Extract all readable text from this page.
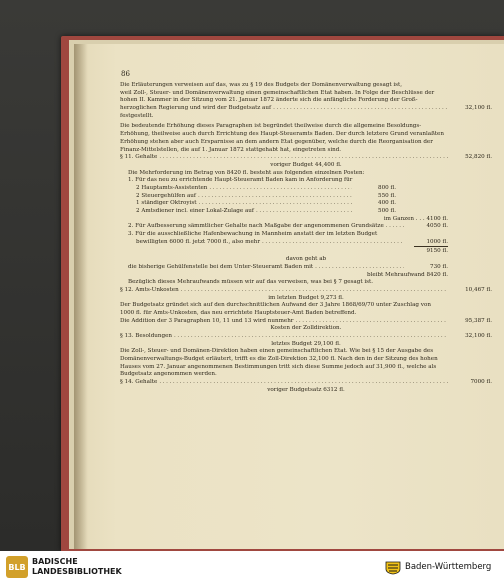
86
Die Erläuterungen verweisen auf das, was zu § 19 des Budgets der Domänenverwaltung gesagt ist,
weil Zoll-, Steuer- und Domänenverwaltung einen gemeinschaftlichen Etat haben. In Folge der Beschlüsse der
hohen II. Kammer in der Sitzung vom 21. Januar 1872 änderte sich die anfängliche Forderung der Groß-
herzoglichen Regierung und wird der Budgetsatz auf .....	32,100 fl.
festgestellt.
Die bedeutende Erhöhung dieses Paragraphen ist begründet theilweise durch die allgemeine Besoldungs-
Erhöhung, theilweise auch durch Errichtung des Haupt-Steueramts Baden. Der durch letztere Grund veranlaßten
Erhöhung stehen aber auch Ersparnisse an dem andern Etat gegenüber, welche durch die Reorganisation der
Finanz-Mittelstellen, die auf 1. Januar 1872 stattgehabt hat, eingetreten sind.
§ 11. Gehalte .....	52,820 fl.
voriger Budget 44,400 fl.
Die Mehrforderung im Betrag von 8420 fl. besteht aus folgenden einzelnen Posten:
1. Für das neu zu errichtende Haupt-Steueramt Baden kam in Anforderung für
2 Hauptamts-Assistenten .....	800 fl.
2 Steuergehülfen auf .....	550 fl.
1 ständiger Oktroyist .....	400 fl.
2 Amtsdiener incl. einer Lokal-Zulage auf .....	500 fl.
im Ganzen . . . 4100 fl.
2. Für Aufbesserung sämmtlicher Gehalte nach Maßgabe der angenommenen Grundsätze .....	4050 fl.
3. Für die ausschließliche Hafenbewachung in Mannheim anstatt der im letzten Budget
bewilligten 6000 fl. jetzt 7000 fl., also mehr .....	1000 fl.
9150 fl.
davon geht ab
die bisherige Gehülfenstelle bei dem Unter-Steueramt Baden mit .....	730 fl.
bleibt Mehraufwand 8420 fl.
Bezüglich dieses Mehraufwands müssen wir auf das verweisen, was bei § 7 gesagt ist.
§ 12. Amts-Unkosten .....	10,467 fl.
im letzten Budget 9,273 fl.
Der Budgetsatz gründet sich auf den durchschnittlichen Aufwand der 3 Jahre 1868/69/70 unter Zuschlag von
1000 fl. für Amts-Unkosten, das neu errichtete Hauptsteuer-Amt Baden betreffend.
Die Addition der 3 Paragraphen 10, 11 und 13 wird nunmehr .....	95,387 fl.
Kosten der Zolldirektion.
§ 13. Besoldungen .....	32,100 fl.
letztes Budget 29,100 fl.
Die Zoll-, Steuer- und Domänen-Direktion haben einen gemeinschaftlichen Etat. Wie bei § 15 der Ausgabe des
Domänenverwaltungs-Budget erläutert, trifft es die Zoll-Direktion 32,100 fl. Nach den in der Sitzung des hohen
Hauses vom 27. Januar angenommenen Bestimmungen tritt sich diese Summe jedoch auf 31,900 fl., welche als
Budgetsatz angenommen werden.
§ 14. Gehalte .....	7000 fl.
voriger Budgetsatz 6312 fl.
BLB
BADISCHE
LANDESBIBLIOTHEK	Baden-Württemberg
